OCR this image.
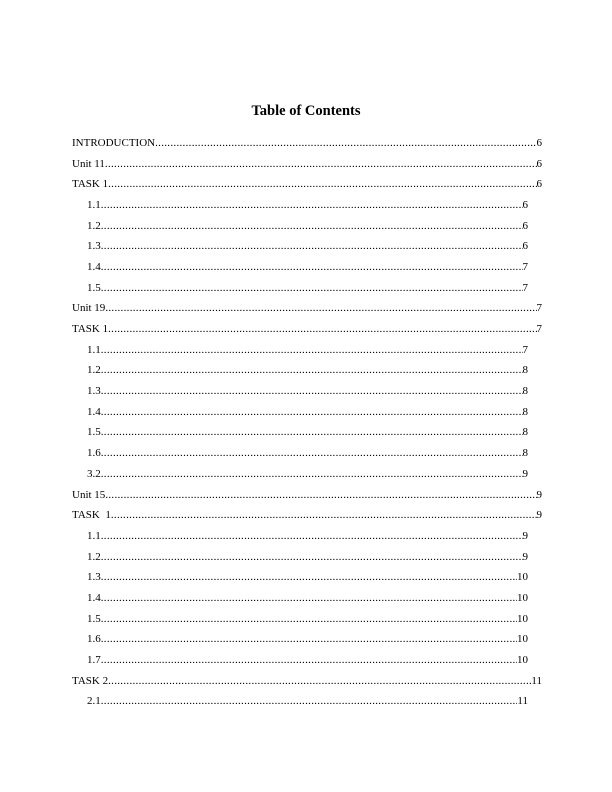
Table of Contents
INTRODUCTION .....	6
Unit 11 .....	6
TASK 1 .....	6
1.1 .....	6
1.2 .....	6
1.3 .....	6
1.4 .....	7
1.5 .....	7
Unit 19 .....	7
TASK 1 .....	7
1.1 .....	7
1.2 .....	8
1.3 .....	8
1.4 .....	8
1.5 .....	8
1.6 .....	8
3.2 .....	9
Unit 15 .....	9
TASK  1 .....	9
1.1 .....	9
1.2 .....	9
1.3 .....	10
1.4 .....	10
1.5 .....	10
1.6 .....	10
1.7 .....	10
TASK 2 .....	11
2.1 .....	11
